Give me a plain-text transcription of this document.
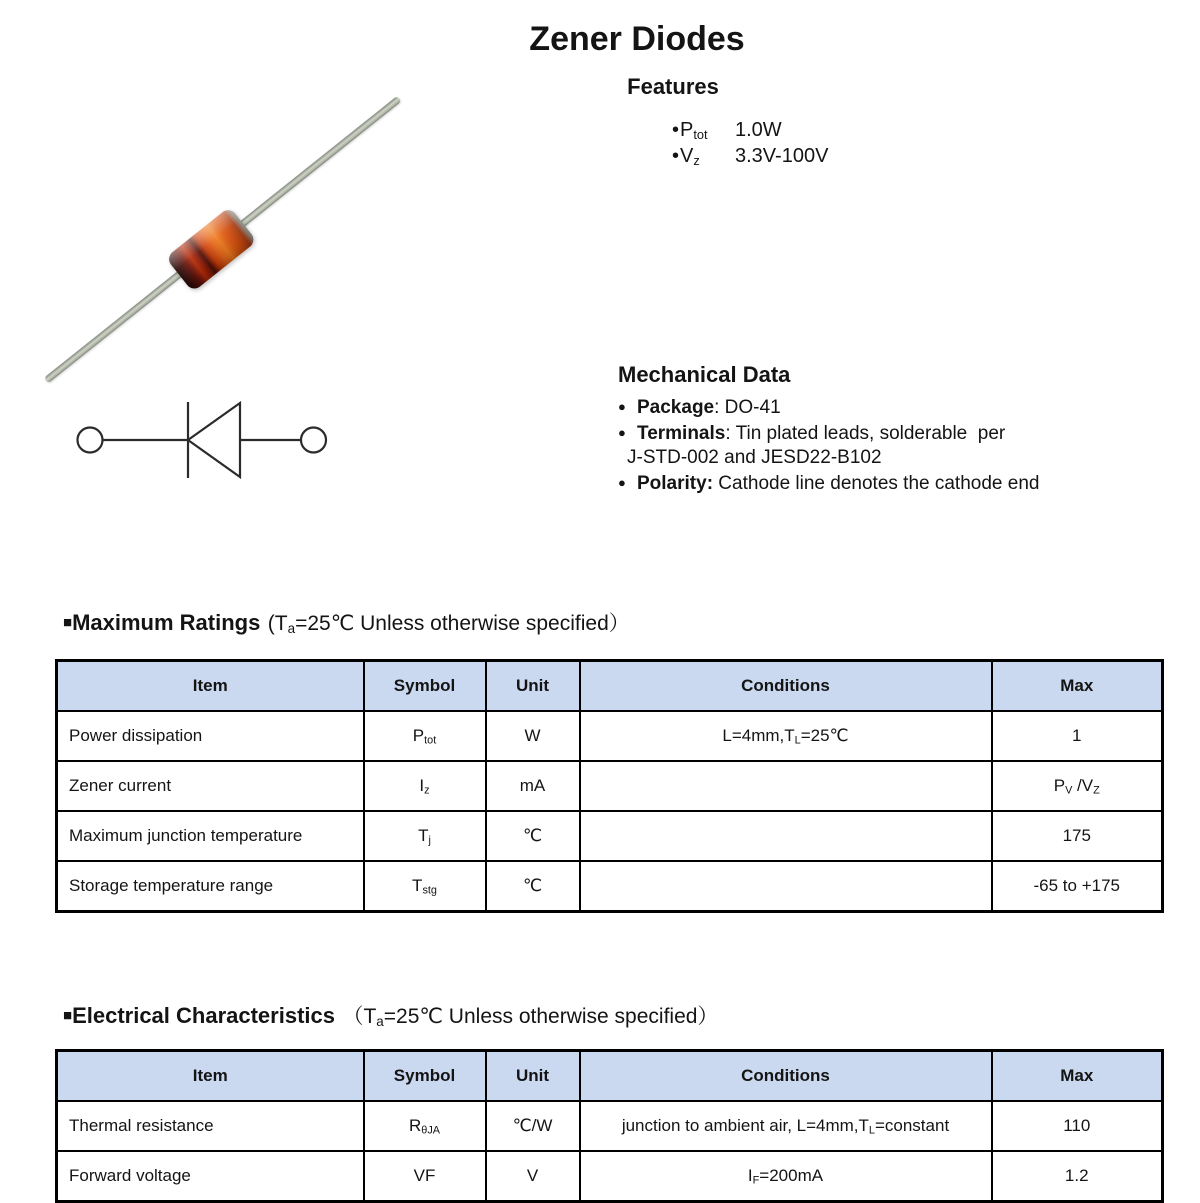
Zener Diodes
Features
$•P_{tot}$	1.0W
$•V_z$	3.3V-100V
Mechanical Data
● Package: DO-41
● Terminals: Tin plated leads, solderable  per
J-STD-002 and JESD22-B102
● Polarity: Cathode line denotes the cathode end
■Maximum Ratings ($T_a=25℃$ Unless otherwise specified）
Item	Symbol	Unit	Conditions	Max
Power dissipation	$P_{tot}$	W	$L=4mm,T_L=25℃$	1
Zener current	$I_z$	mA		$P_V$ $/V_Z$
Maximum junction temperature	$T_j$	℃		175
Storage temperature range	$T_{stg}$	℃		-65 to +175
■Electrical Characteristics （$T_a=25℃$ Unless otherwise specified）
Item	Symbol	Unit	Conditions	Max
Thermal resistance	$R_{\theta JA}$	℃/W	junction to ambient air, $L=4mm,T_L=constant$	110
Forward voltage	VF	V	$I_F=200mA$	1.2
